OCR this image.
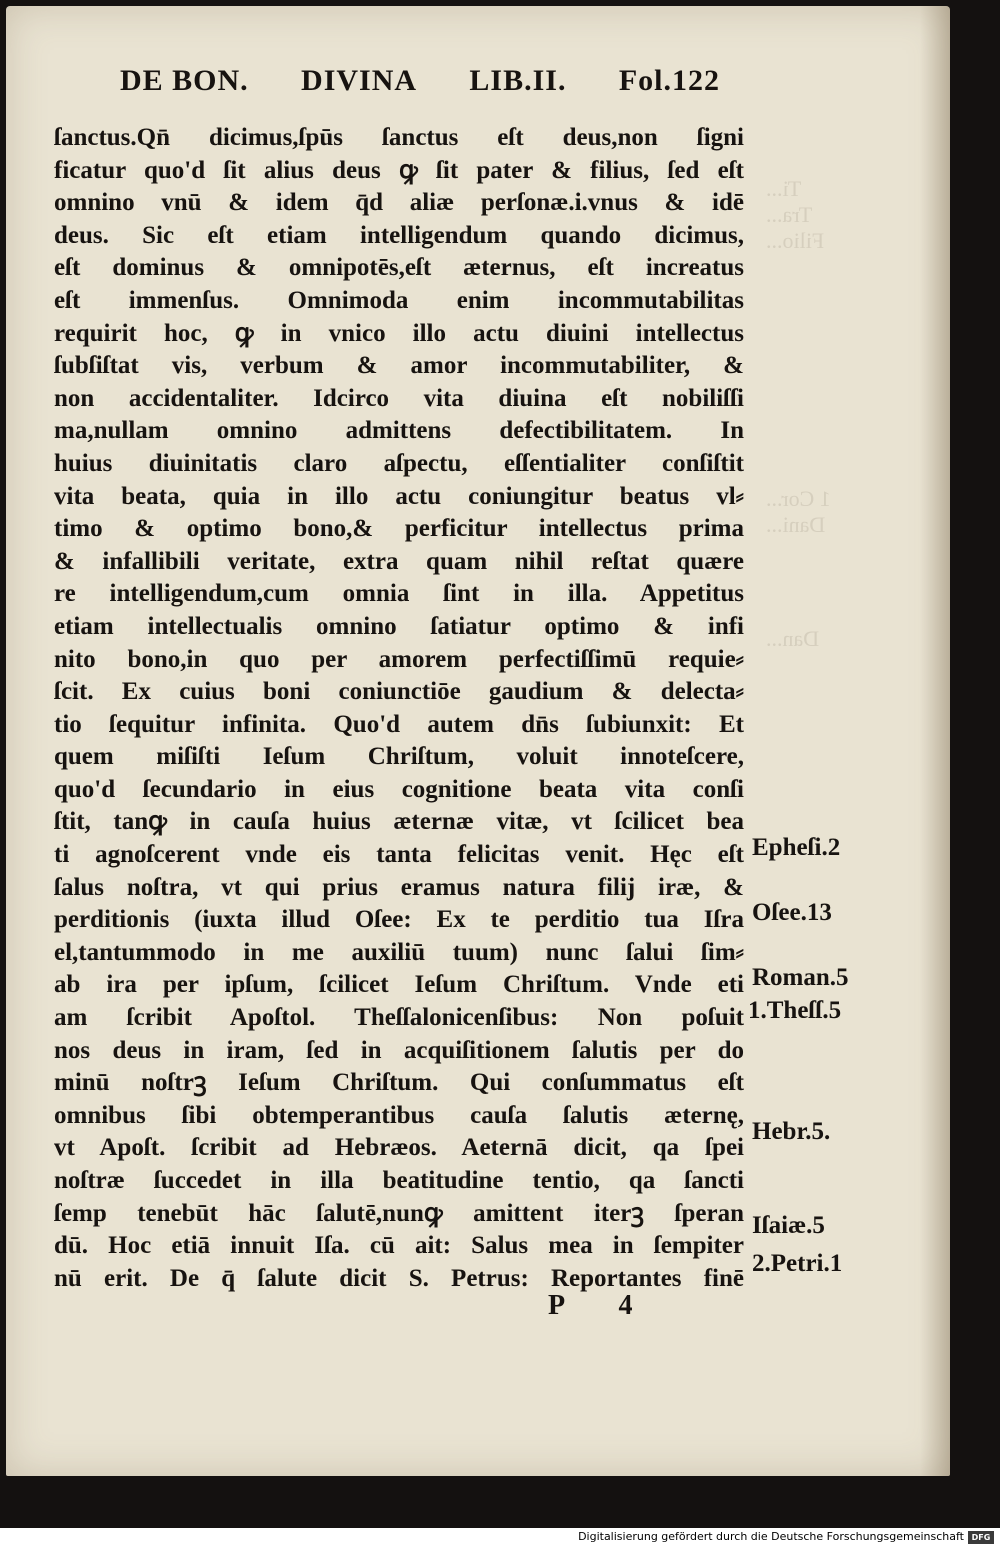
Ti...
Tra...
Filio...
1 Cor...
Dani...
Dan...
DE BON. DIVINA LIB.II. Fol.122
ſanctus.Qn̄ dicimus,ſpūs ſanctus eſt deus,non ſigni
ficatur quo'd ſit alius deus ꝙ ſit pater & filius, ſed eſt
omnino vnū & idem q̄d aliæ perſonæ.i.vnus & idē
deus. Sic eſt etiam intelligendum quando dicimus,
eſt dominus & omnipotēs,eſt æternus, eſt increatus
eſt immenſus. Omnimoda enim incommutabilitas
requirit hoc, ꝙ in vnico illo actu diuini intellectus
ſubſiſtat vis, verbum & amor incommutabiliter, &
non accidentaliter. Idcirco vita diuina eſt nobiliſſi
ma,nullam omnino admittens defectibilitatem. In
huius diuinitatis claro aſpectu, eſſentialiter conſiſtit
vita beata, quia in illo actu coniungitur beatus vl⸗
timo & optimo bono,& perficitur intellectus prima
& infallibili veritate, extra quam nihil reſtat quære
re intelligendum,cum omnia ſint in illa. Appetitus
etiam intellectualis omnino ſatiatur optimo & infi
nito bono,in quo per amorem perfectiſſimū requie⸗
ſcit. Ex cuius boni coniunctiōe gaudium & delecta⸗
tio ſequitur infinita. Quo'd autem dn̄s ſubiunxit: Et
quem miſiſti Ieſum Chriſtum, voluit innoteſcere,
quo'd ſecundario in eius cognitione beata vita conſi
ſtit, tanꝙ in cauſa huius æternæ vitæ, vt ſcilicet bea
ti agnoſcerent vnde eis tanta felicitas venit. Hęc eſt
ſalus noſtra, vt qui prius eramus natura filij iræ, &
perditionis (iuxta illud Oſee: Ex te perditio tua Iſra
el,tantummodo in me auxiliū tuum) nunc ſalui ſim⸗
ab ira per ipſum, ſcilicet Ieſum Chriſtum. Vnde eti
am ſcribit Apoſtol. Theſſalonicenſibus: Non poſuit
nos deus in iram, ſed in acquiſitionem ſalutis per do
minū noſtrꝫ Ieſum Chriſtum. Qui conſummatus eſt
omnibus ſibi obtemperantibus cauſa ſalutis æternę,
vt Apoſt. ſcribit ad Hebræos. Aeternā dicit, qa ſpei
noſtræ ſuccedet in illa beatitudine tentio, qa ſancti
ſemp tenebūt hāc ſalutē,nunꝙ amittent iterꝫ ſperan
dū. Hoc etiā innuit Iſa. cū ait: Salus mea in ſempiter
nū erit. De q̄ ſalute dicit S. Petrus: Reportantes finē
Epheſi.2
Oſee.13
Roman.5
1.Theſſ.5
Hebr.5.
Iſaiæ.5
2.Petri.1
P 4
Digitalisierung gefördert durch die Deutsche Forschungsgemeinschaft DFG
